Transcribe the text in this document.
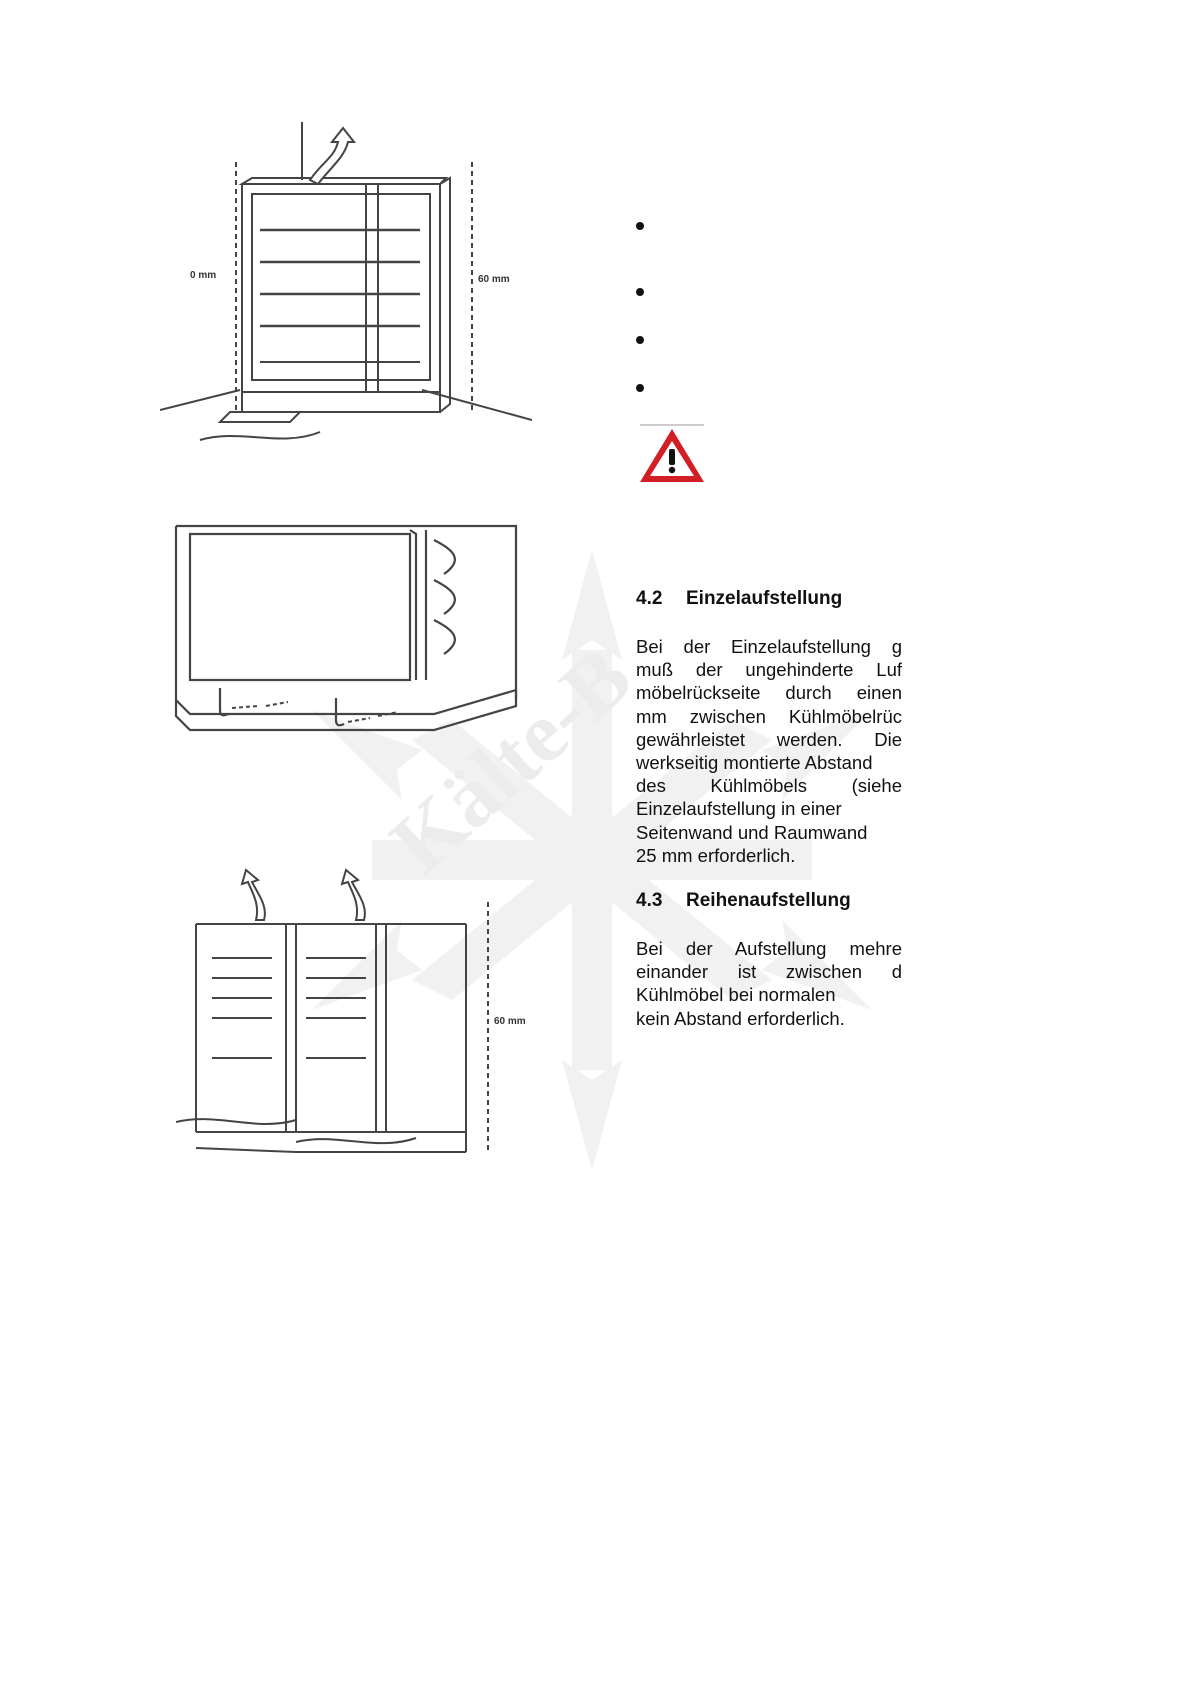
Kälte-B
0 mm	60 mm
60 mm
4.2 Einzelaufstellung
Bei der Einzelaufstellung g
muß der ungehinderte Luf
möbelrückseite durch einen
mm zwischen Kühlmöbelrüc
gewährleistet werden. Die
werkseitig montierte Abstand
des Kühlmöbels (siehe
Einzelaufstellung in einer
Seitenwand und Raumwand
25 mm erforderlich.
4.3 Reihenaufstellung
Bei der Aufstellung mehre
einander ist zwischen d
Kühlmöbel bei normalen
kein Abstand erforderlich.
